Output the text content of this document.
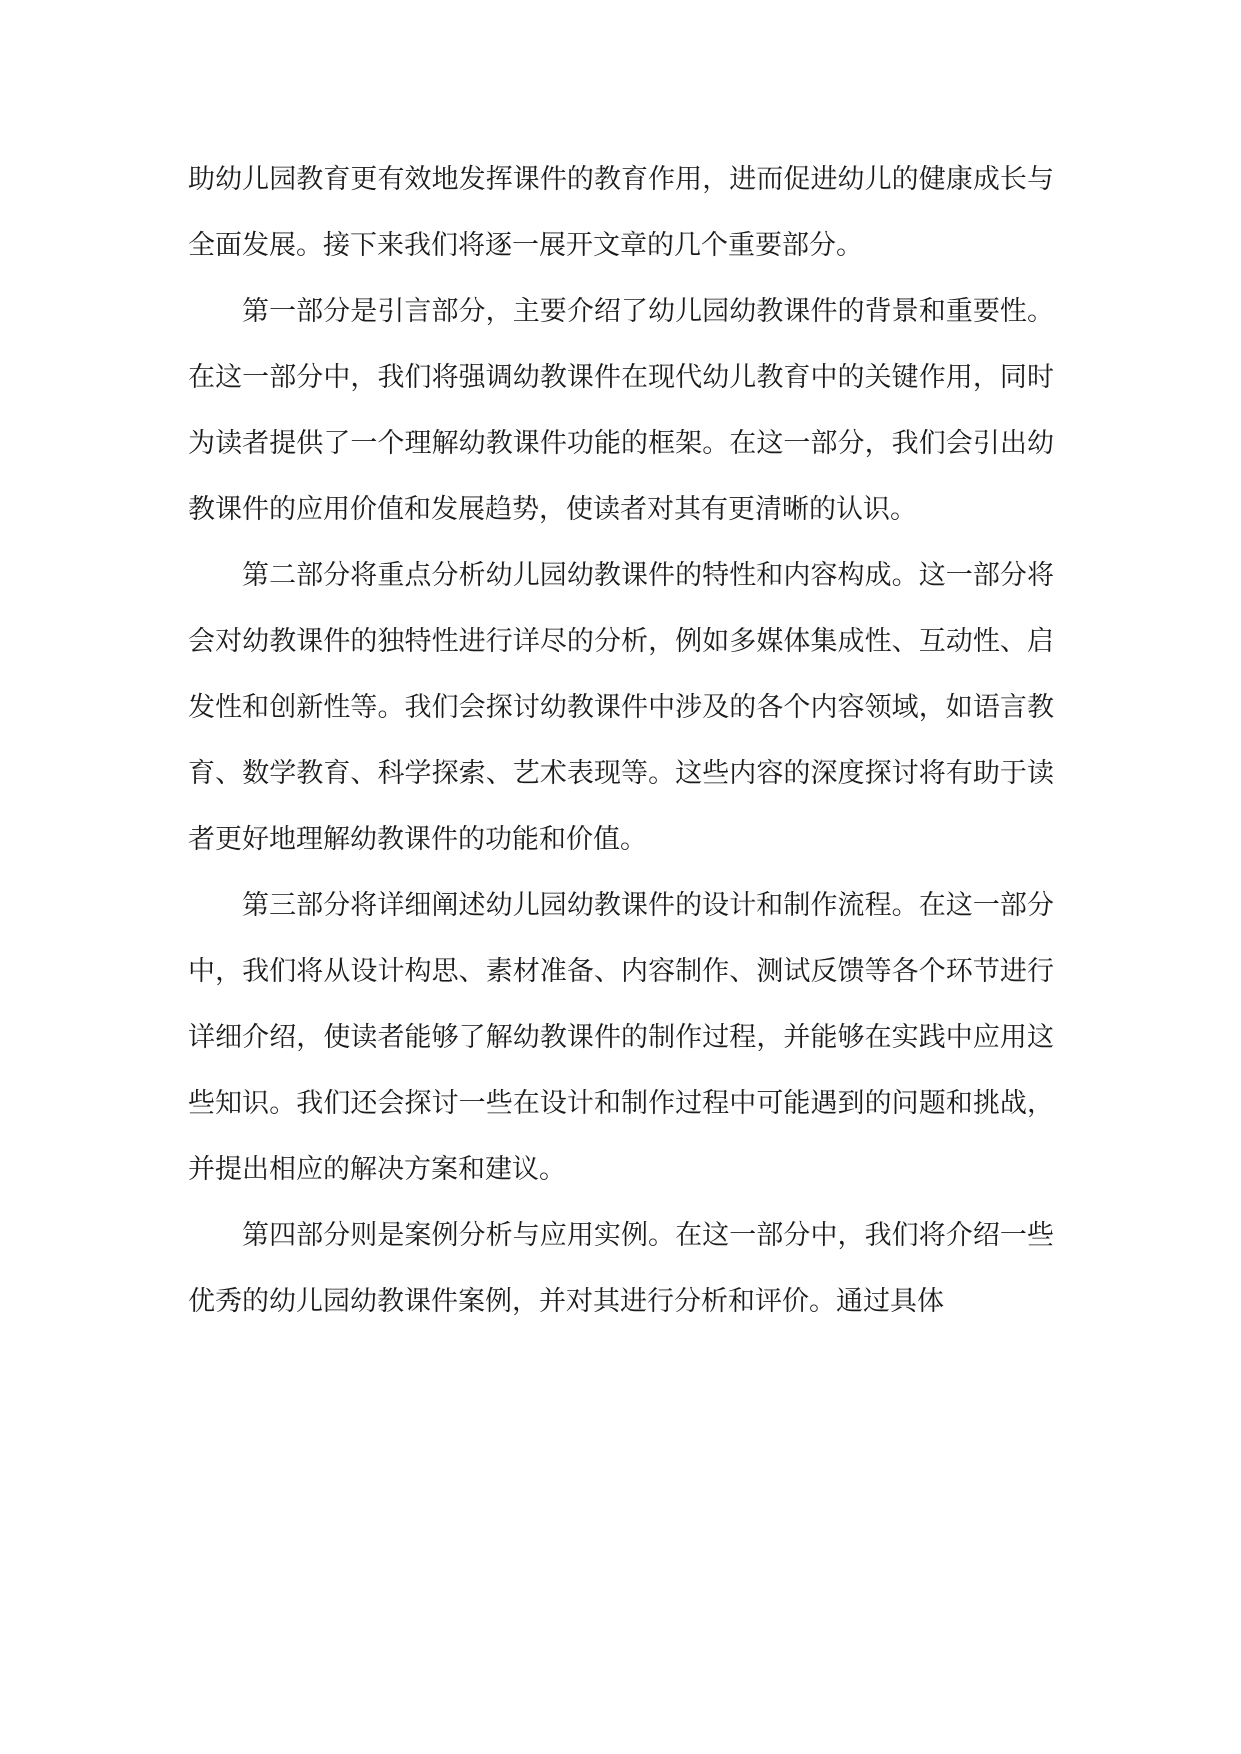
助幼儿园教育更有效地发挥课件的教育作用，进而促进幼儿的健康成长与全面发展。接下来我们将逐一展开文章的几个重要部分。

第一部分是引言部分，主要介绍了幼儿园幼教课件的背景和重要性。在这一部分中，我们将强调幼教课件在现代幼儿教育中的关键作用，同时为读者提供了一个理解幼教课件功能的框架。在这一部分，我们会引出幼教课件的应用价值和发展趋势，使读者对其有更清晰的认识。

第二部分将重点分析幼儿园幼教课件的特性和内容构成。这一部分将会对幼教课件的独特性进行详尽的分析，例如多媒体集成性、互动性、启发性和创新性等。我们会探讨幼教课件中涉及的各个内容领域，如语言教育、数学教育、科学探索、艺术表现等。这些内容的深度探讨将有助于读者更好地理解幼教课件的功能和价值。

第三部分将详细阐述幼儿园幼教课件的设计和制作流程。在这一部分中，我们将从设计构思、素材准备、内容制作、测试反馈等各个环节进行详细介绍，使读者能够了解幼教课件的制作过程，并能够在实践中应用这些知识。我们还会探讨一些在设计和制作过程中可能遇到的问题和挑战，并提出相应的解决方案和建议。

第四部分则是案例分析与应用实例。在这一部分中，我们将介绍一些优秀的幼儿园幼教课件案例，并对其进行分析和评价。通过具体
